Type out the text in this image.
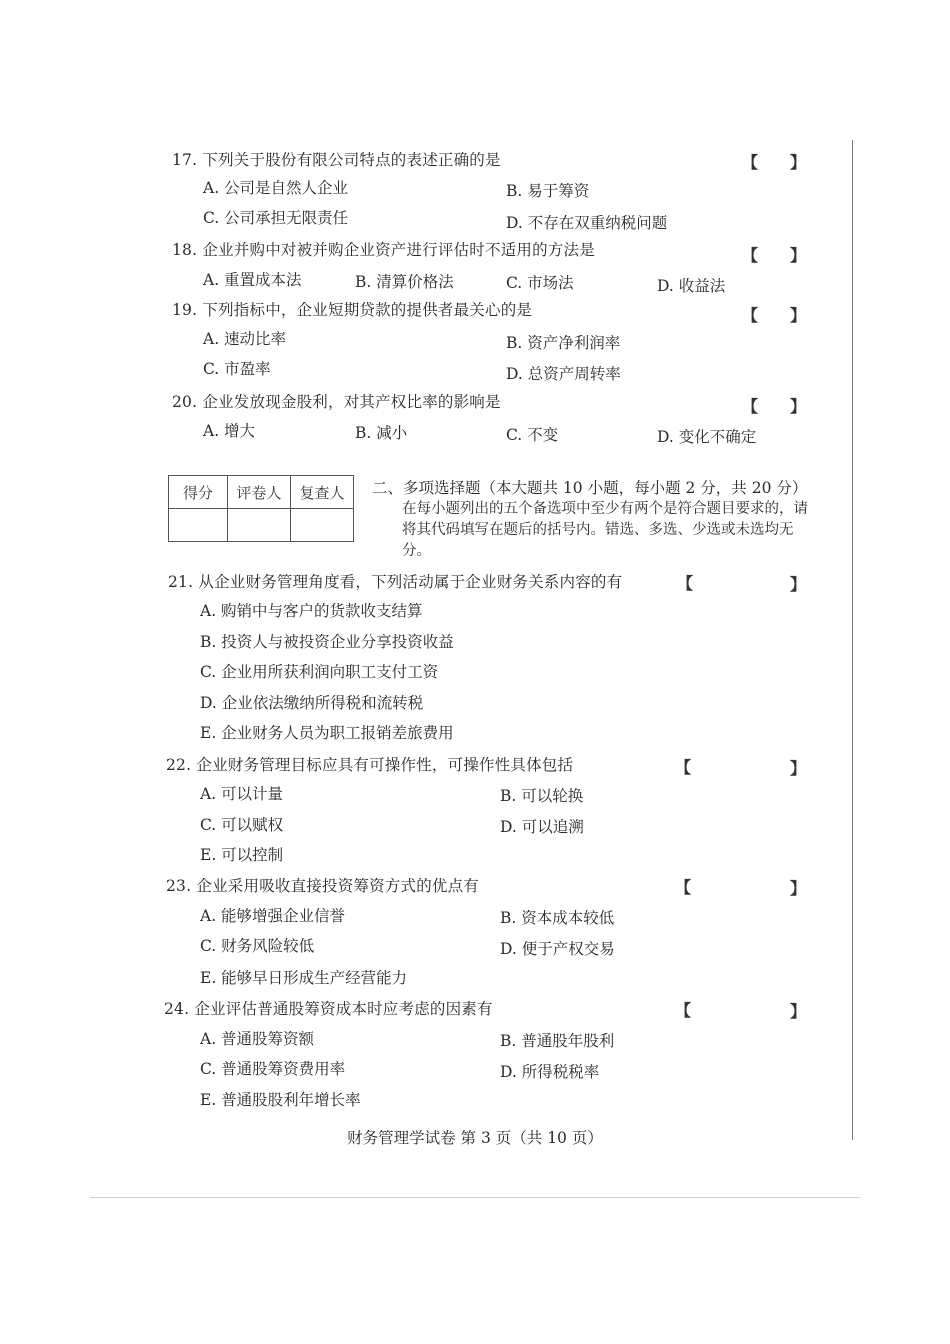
17. 下列关于股份有限公司特点的表述正确的是	【 】
A. 公司是自然人企业	B. 易于筹资
C. 公司承担无限责任	D. 不存在双重纳税问题
18. 企业并购中对被并购企业资产进行评估时不适用的方法是	【 】
A. 重置成本法	B. 清算价格法	C. 市场法	D. 收益法
19. 下列指标中，企业短期贷款的提供者最关心的是	【 】
A. 速动比率	B. 资产净利润率
C. 市盈率	D. 总资产周转率
20. 企业发放现金股利，对其产权比率的影响是	【 】
A. 增大	B. 减小	C. 不变	D. 变化不确定
得分	评卷人	复查人
		二、多项选择题（本大题共 10 小题，每小题 2 分，共 20 分）
在每小题列出的五个备选项中至少有两个是符合题目要求的，请将其代码填写在题后的括号内。错选、多选、少选或未选均无分。
21. 从企业财务管理角度看，下列活动属于企业财务关系内容的有	【	】
A. 购销中与客户的货款收支结算
B. 投资人与被投资企业分享投资收益
C. 企业用所获利润向职工支付工资
D. 企业依法缴纳所得税和流转税
E. 企业财务人员为职工报销差旅费用
22. 企业财务管理目标应具有可操作性，可操作性具体包括	【	】
A. 可以计量	B. 可以轮换
C. 可以赋权	D. 可以追溯
E. 可以控制
23. 企业采用吸收直接投资筹资方式的优点有	【	】
A. 能够增强企业信誉	B. 资本成本较低
C. 财务风险较低	D. 便于产权交易
E. 能够早日形成生产经营能力
24. 企业评估普通股筹资成本时应考虑的因素有	【	】
A. 普通股筹资额	B. 普通股年股利
C. 普通股筹资费用率	D. 所得税税率
E. 普通股股利年增长率
财务管理学试卷 第 3 页（共 10 页）
